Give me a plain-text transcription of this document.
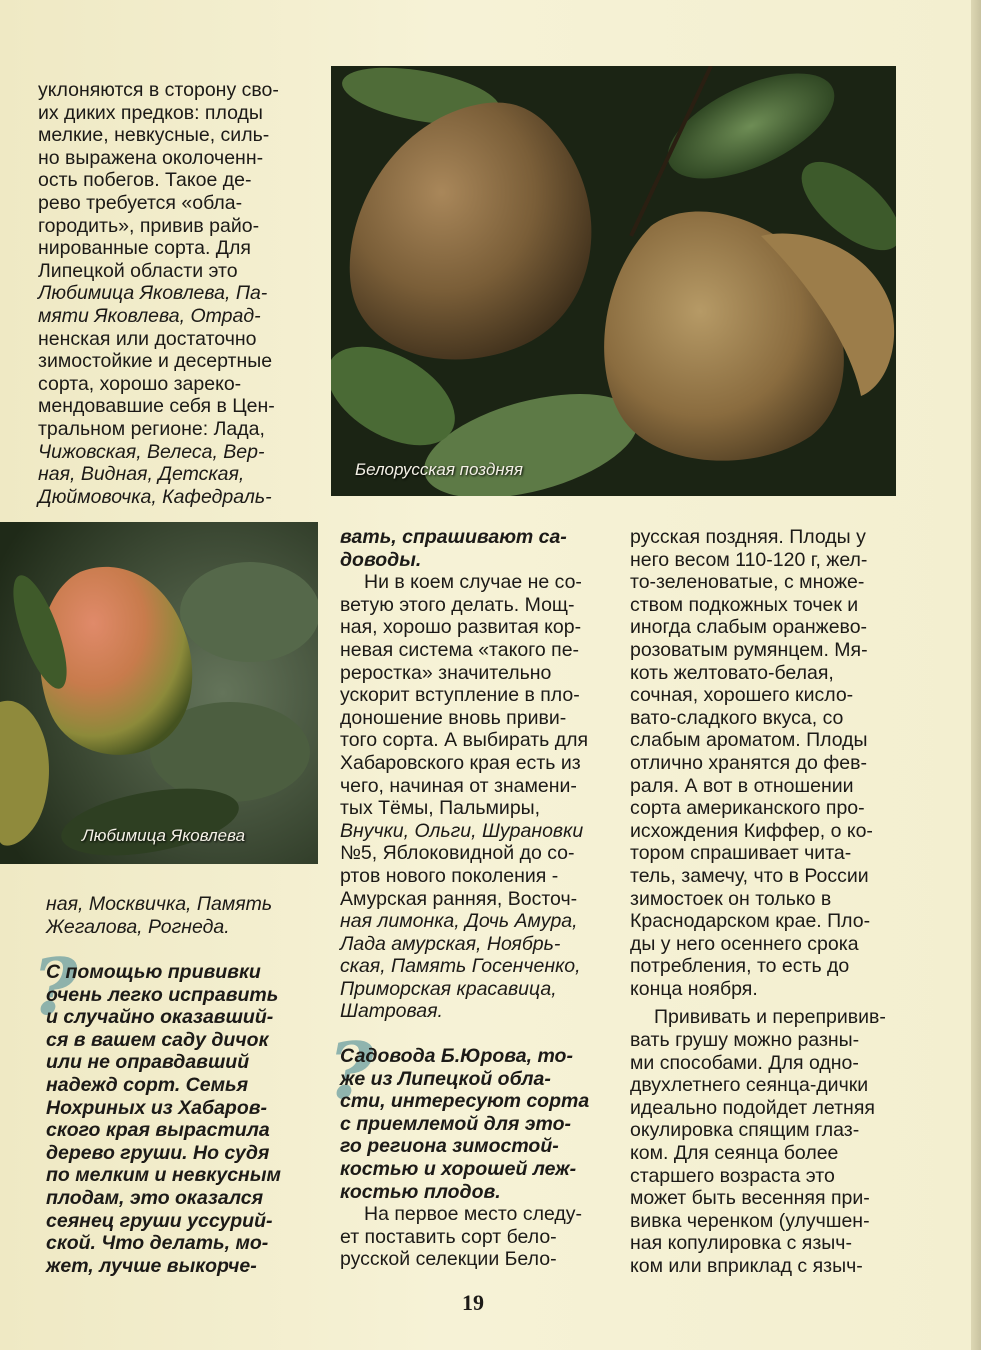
Белорусская поздняя
Любимица Яковлева

уклоняются в сторону сво-

их диких предков: плоды

мелкие, невкусные, силь-

но выражена околоченн-

ость побегов. Такое де-

рево требуется «обла-

городить», привив райо-

нированные сорта. Для

Липецкой области это

Любимица Яковлева, Па-

мяти Яковлева, Отрад-

ненская или достаточно

зимостойкие и десертные

сорта, хорошо зареко-

мендовавшие себя в Цен-

тральном регионе: Лада,

Чижовская, Велеса, Вер-

ная, Видная, Детская,

Дюймовочка, Кафедраль-

ная, Москвичка, Память

Жегалова, Рогнеда.

?

С помощью прививки

очень легко исправить

и случайно оказавший-

ся в вашем саду дичок

или не оправдавший

надежд сорт. Семья

Нохриных из Хабаров-

ского края вырастила

дерево груши. Но судя

по мелким и невкусным

плодам, это оказался

сеянец груши уссурий-

ской. Что делать, мо-

жет, лучше выкорче-

вать, спрашивают са-

доводы.

Ни в коем случае не со-

ветую этого делать. Мощ-

ная, хорошо развитая кор-

невая система «такого пе-

реростка» значительно

ускорит вступление в пло-

доношение вновь приви-

того сорта. А выбирать для

Хабаровского края есть из

чего, начиная от знамени-

тых Тёмы, Пальмиры,

Внучки, Ольги, Шурановки

№5, Яблоковидной до со-

ртов нового поколения -

Амурская ранняя, Восточ-

ная лимонка, Дочь Амура,

Лада амурская, Ноябрь-

ская, Память Госенченко,

Приморская красавица,

Шатровая.

?

Садовода Б.Юрова, то-

же из Липецкой обла-

сти, интересуют сорта

с приемлемой для это-

го региона зимостой-

костью и хорошей леж-

костью плодов.

На первое место следу-

ет поставить сорт бело-

русской селекции Бело-

русская поздняя. Плоды у

него весом 110-120 г, жел-

то-зеленоватые, с множе-

ством подкожных точек и

иногда слабым оранжево-

розоватым румянцем. Мя-

коть желтовато-белая,

сочная, хорошего кисло-

вато-сладкого вкуса, со

слабым ароматом. Плоды

отлично хранятся до фев-

раля. А вот в отношении

сорта американского про-

исхождения Киффер, о ко-

тором спрашивает чита-

тель, замечу, что в России

зимостоек он только в

Краснодарском крае. Пло-

ды у него осеннего срока

потребления, то есть до

конца ноября.

Прививать и перепривив-

вать грушу можно разны-

ми способами. Для одно-

двухлетнего сеянца-дички

идеально подойдет летняя

окулировка спящим глаз-

ком. Для сеянца более

старшего возраста это

может быть весенняя при-

вивка черенком (улучшен-

ная копулировка с языч-

ком или вприклад с языч-

19
